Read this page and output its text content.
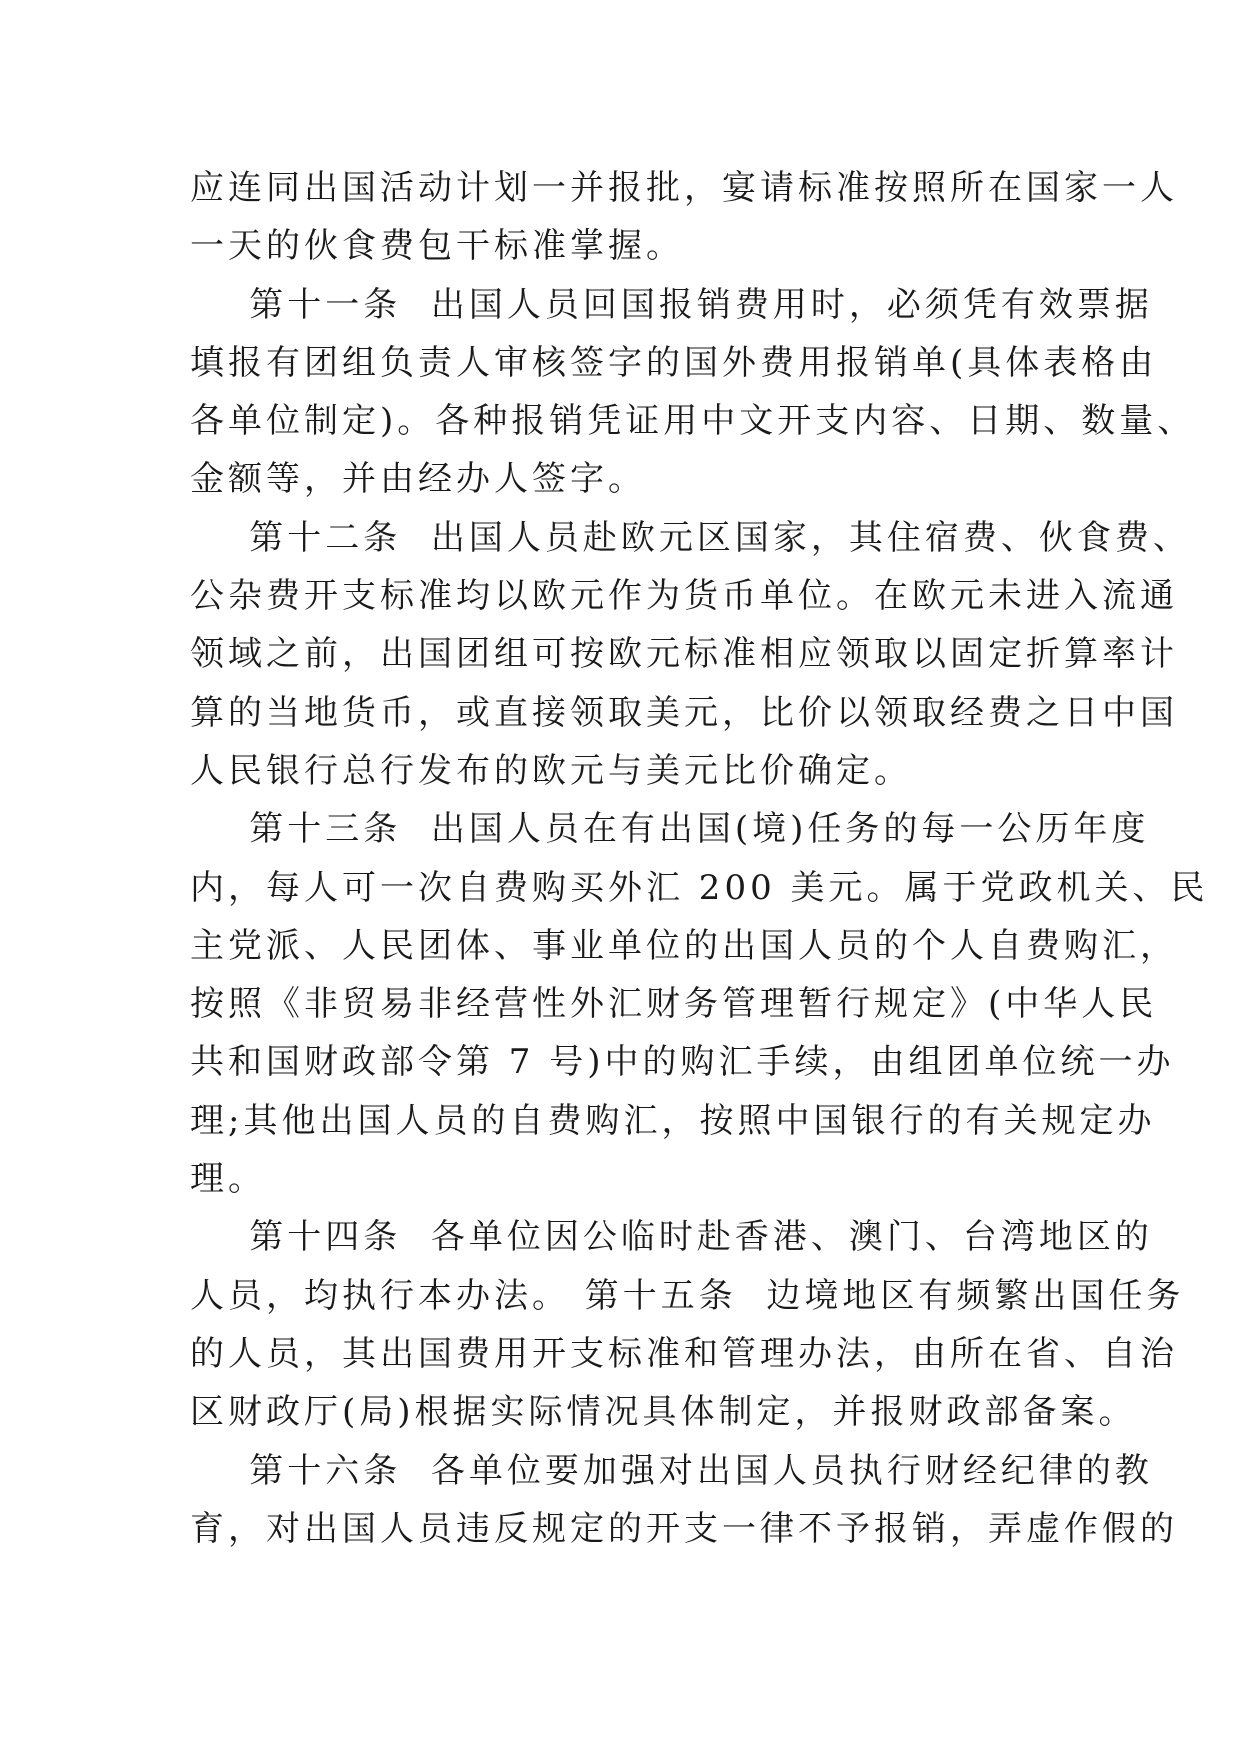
应连同出国活动计划一并报批，宴请标准按照所在国家一人
一天的伙食费包干标准掌握。
第十一条  出国人员回国报销费用时，必须凭有效票据
填报有团组负责人审核签字的国外费用报销单(具体表格由
各单位制定)。各种报销凭证用中文开支内容、日期、数量、
金额等，并由经办人签字。
第十二条  出国人员赴欧元区国家，其住宿费、伙食费、
公杂费开支标准均以欧元作为货币单位。在欧元未进入流通
领域之前，出国团组可按欧元标准相应领取以固定折算率计
算的当地货币，或直接领取美元，比价以领取经费之日中国
人民银行总行发布的欧元与美元比价确定。
第十三条  出国人员在有出国(境)任务的每一公历年度
内，每人可一次自费购买外汇 200 美元。属于党政机关、民
主党派、人民团体、事业单位的出国人员的个人自费购汇，
按照《非贸易非经营性外汇财务管理暂行规定》(中华人民
共和国财政部令第 7 号)中的购汇手续，由组团单位统一办
理;其他出国人员的自费购汇，按照中国银行的有关规定办
理。
第十四条  各单位因公临时赴香港、澳门、台湾地区的
人员，均执行本办法。 第十五条  边境地区有频繁出国任务
的人员，其出国费用开支标准和管理办法，由所在省、自治
区财政厅(局)根据实际情况具体制定，并报财政部备案。
第十六条  各单位要加强对出国人员执行财经纪律的教
育，对出国人员违反规定的开支一律不予报销，弄虚作假的
